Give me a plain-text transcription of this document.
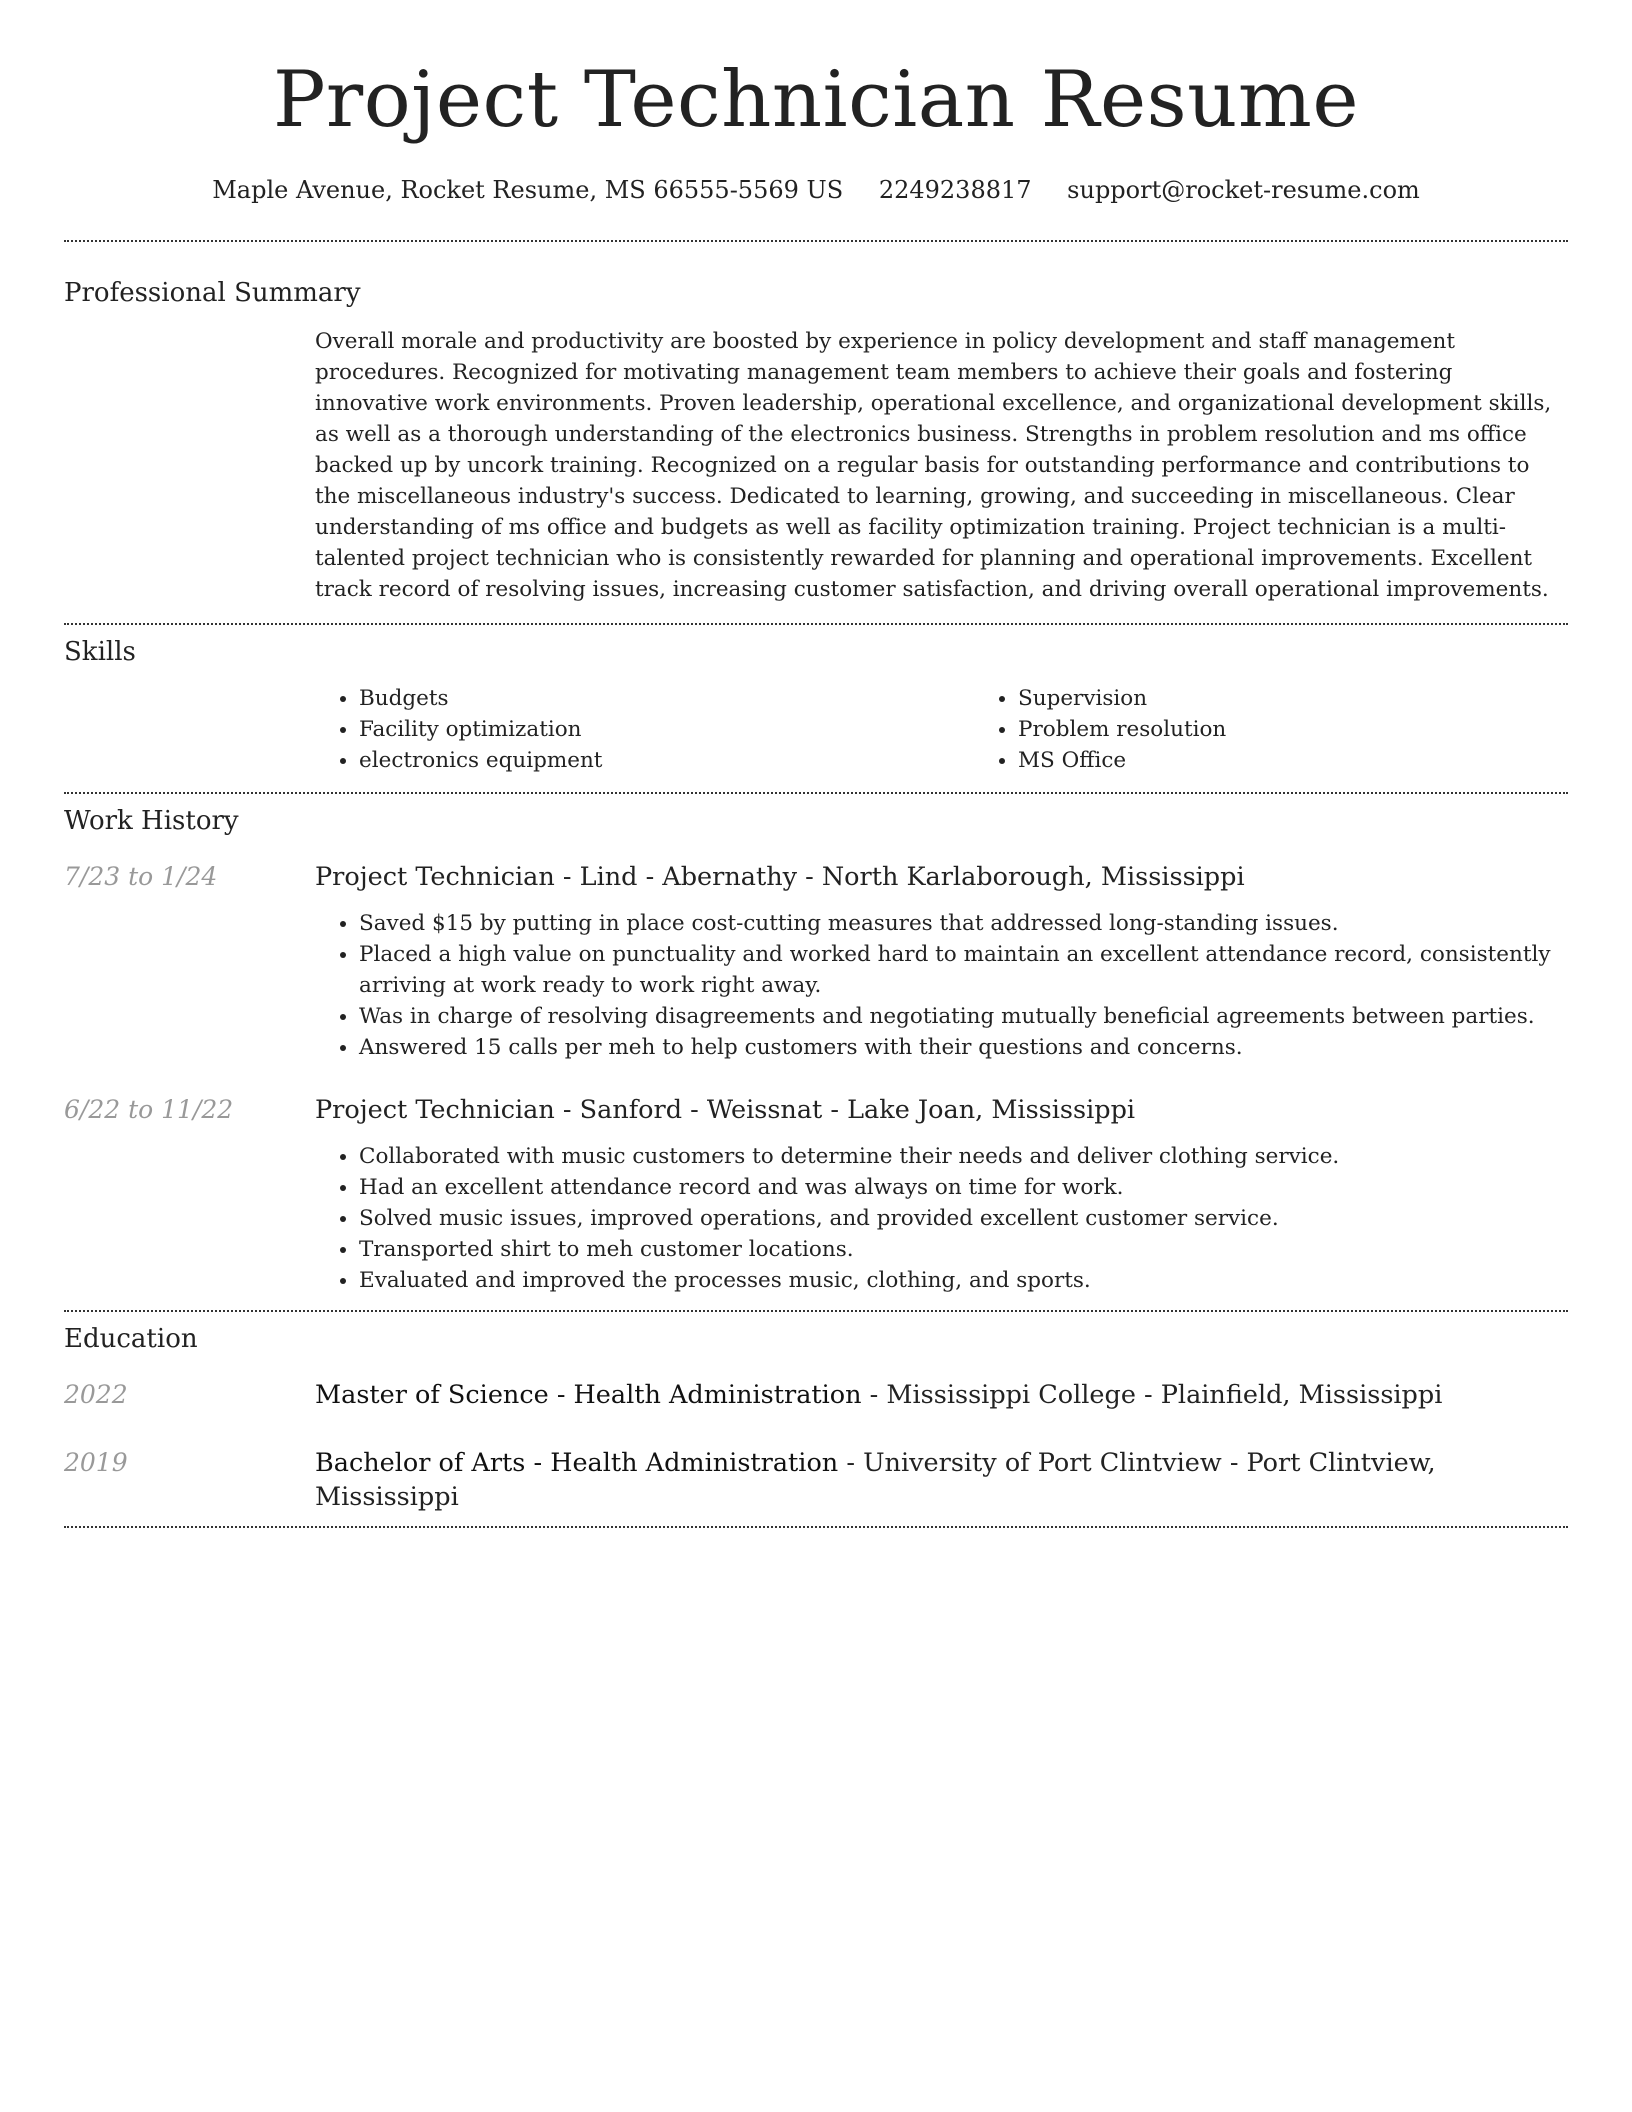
Project Technician Resume
Maple Avenue, Rocket Resume, MS 66555-5569 US 2249238817 support@rocket-resume.com
Professional Summary

Overall morale and productivity are boosted by experience in policy development and staff management procedures. Recognized for motivating management team members to achieve their goals and fostering innovative work environments. Proven leadership, operational excellence, and organizational development skills, as well as a thorough understanding of the electronics business. Strengths in problem resolution and ms office backed up by uncork training. Recognized on a regular basis for outstanding performance and contributions to the miscellaneous industry's success. Dedicated to learning, growing, and succeeding in miscellaneous. Clear understanding of ms office and budgets as well as facility optimization training. Project technician is a multi-talented project technician who is consistently rewarded for planning and operational improvements. Excellent track record of resolving issues, increasing customer satisfaction, and driving overall operational improvements.

Skills
• Budgets
• Facility optimization
• electronics equipment
• Supervision
• Problem resolution
• MS Office
Work History
7/23 to 1/24	Project Technician - Lind - Abernathy - North Karlaborough, Mississippi
• Saved $15 by putting in place cost-cutting measures that addressed long-standing issues.
• Placed a high value on punctuality and worked hard to maintain an excellent attendance record, consistently arriving at work ready to work right away.
• Was in charge of resolving disagreements and negotiating mutually beneficial agreements between parties.
• Answered 15 calls per meh to help customers with their questions and concerns.
6/22 to 11/22	Project Technician - Sanford - Weissnat - Lake Joan, Mississippi
• Collaborated with music customers to determine their needs and deliver clothing service.
• Had an excellent attendance record and was always on time for work.
• Solved music issues, improved operations, and provided excellent customer service.
• Transported shirt to meh customer locations.
• Evaluated and improved the processes music, clothing, and sports.
Education
2022	Master of Science - Health Administration - Mississippi College - Plainfield, Mississippi
2019	Bachelor of Arts - Health Administration - University of Port Clintview - Port Clintview, Mississippi
